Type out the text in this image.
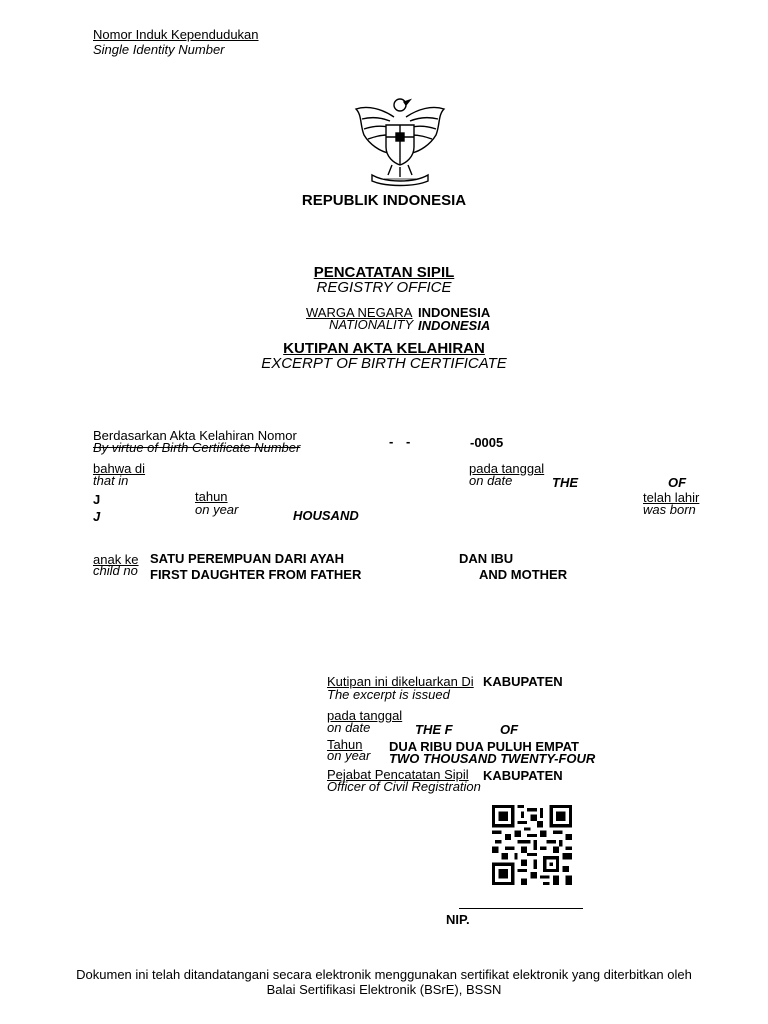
Nomor Induk Kependudukan
Single Identity Number
REPUBLIK INDONESIA
PENCATATAN SIPIL
REGISTRY OFFICE
WARGA NEGARA INDONESIA
NATIONALITY INDONESIA
KUTIPAN AKTA KELAHIRAN
EXCERPT OF BIRTH CERTIFICATE
Berdasarkan Akta Kelahiran Nomor
By virtue of Birth Certificate Number	- -	-0005
bahwa di
that in
pada tanggal
on date	THE	OF
J
J
tahun
on year	HOUSAND
telah lahir
was born
anak ke
child no
SATU PEREMPUAN DARI AYAH
FIRST DAUGHTER FROM FATHER
DAN IBU
AND MOTHER
Kutipan ini dikeluarkan Di
The excerpt is issued
KABUPATEN
pada tanggal
on date	THE F	OF
Tahun
on year
DUA RIBU DUA PULUH EMPAT
TWO THOUSAND TWENTY-FOUR
Pejabat Pencatatan Sipil
Officer of Civil Registration
KABUPATEN
NIP.
Dokumen ini telah ditandatangani secara elektronik menggunakan sertifikat elektronik yang diterbitkan oleh
Balai Sertifikasi Elektronik (BSrE), BSSN
